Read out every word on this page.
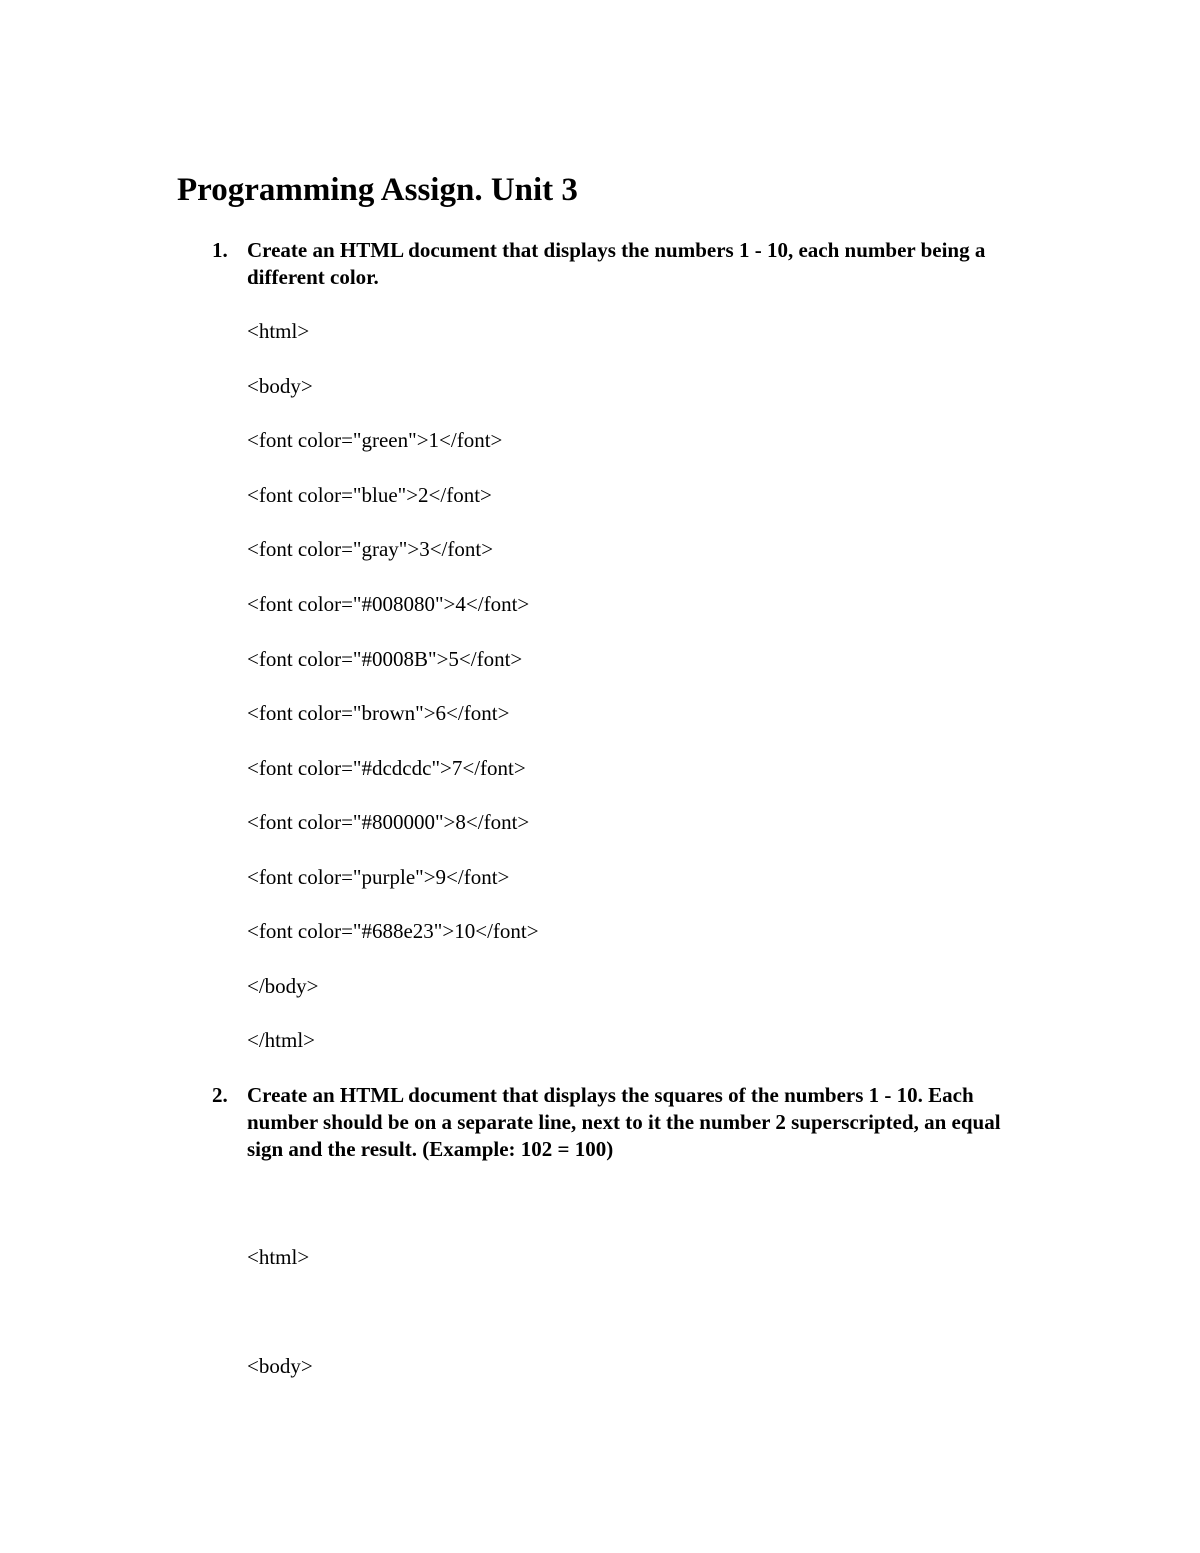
Programming Assign. Unit 3
1. Create an HTML document that displays the numbers 1 - 10, each number being a different color.

<html>

<body>

<font color="green">1</font>

<font color="blue">2</font>

<font color="gray">3</font>

<font color="#008080">4</font>

<font color="#0008B">5</font>

<font color="brown">6</font>

<font color="#dcdcdc">7</font>

<font color="#800000">8</font>

<font color="purple">9</font>

<font color="#688e23">10</font>

</body>

</html>

2. Create an HTML document that displays the squares of the numbers 1 - 10. Each number should be on a separate line, next to it the number 2 superscripted, an equal sign and the result. (Example: 102 = 100)

<html>

<body>
